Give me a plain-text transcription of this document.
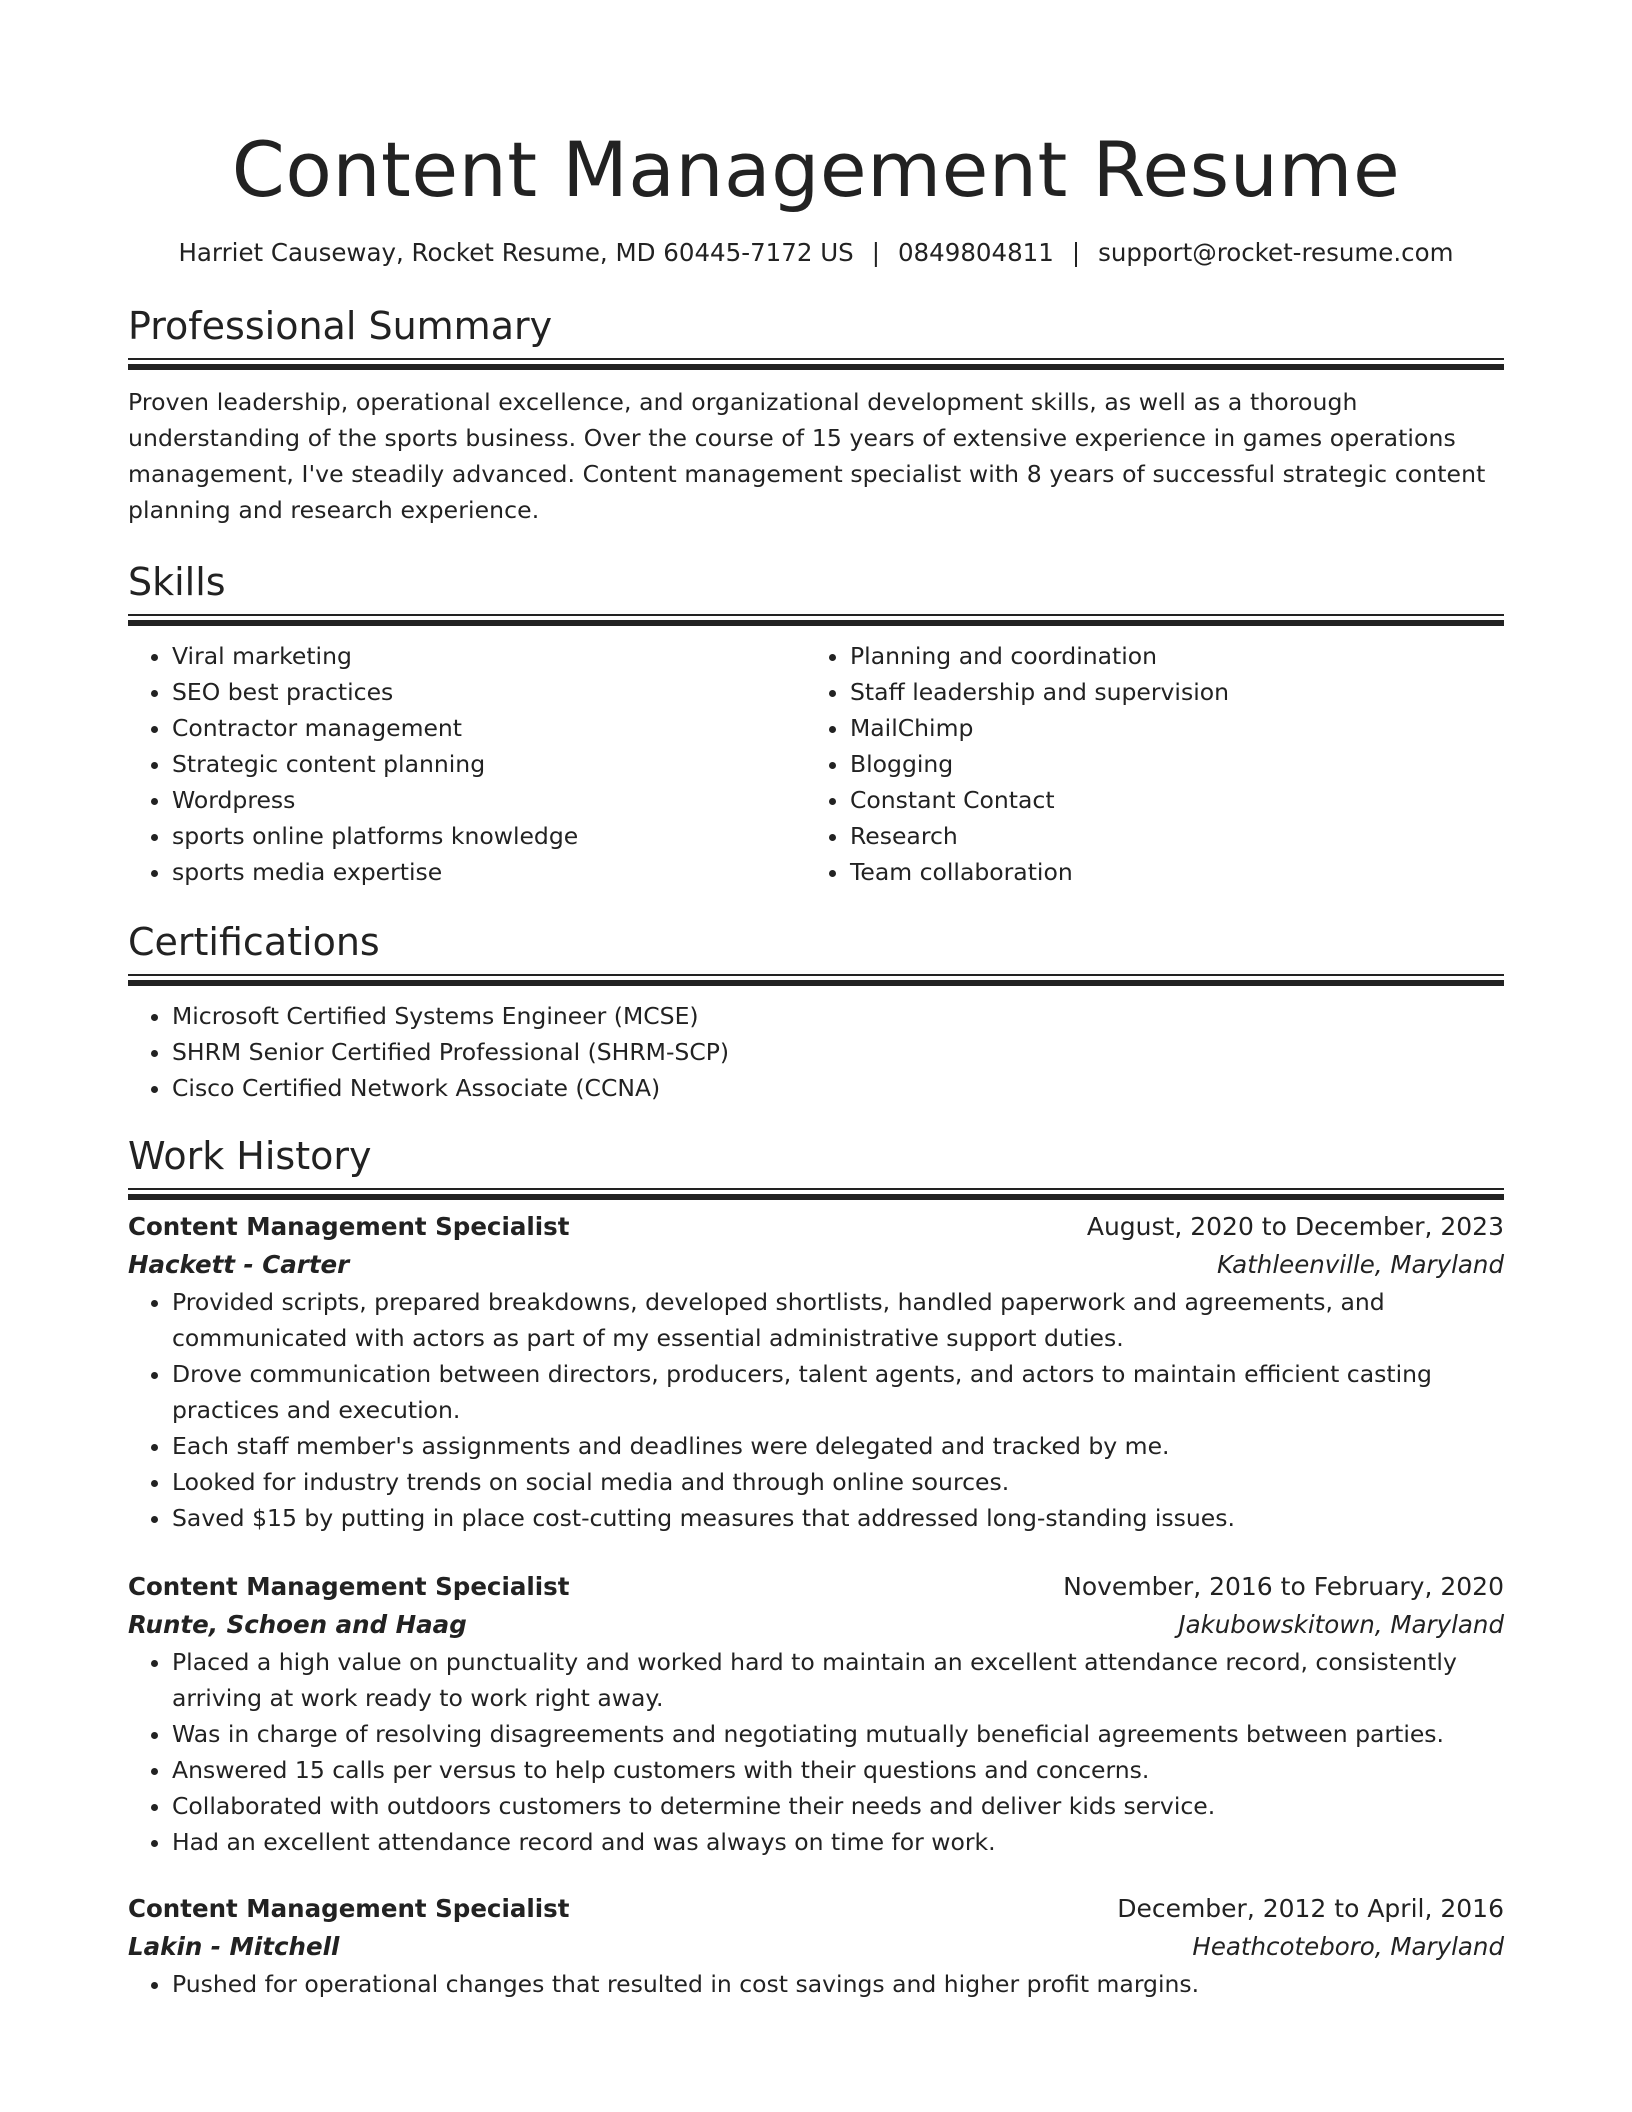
Content Management Resume
Harriet Causeway, Rocket Resume, MD 60445-7172 US | 0849804811 | support@rocket-resume.com
Professional Summary
Proven leadership, operational excellence, and organizational development skills, as well as a thorough understanding of the sports business. Over the course of 15 years of extensive experience in games operations management, I've steadily advanced. Content management specialist with 8 years of successful strategic content planning and research experience.
Skills
• Viral marketing
• SEO best practices
• Contractor management
• Strategic content planning
• Wordpress
• sports online platforms knowledge
• sports media expertise
• Planning and coordination
• Staff leadership and supervision
• MailChimp
• Blogging
• Constant Contact
• Research
• Team collaboration
Certifications
• Microsoft Certified Systems Engineer (MCSE)
• SHRM Senior Certified Professional (SHRM-SCP)
• Cisco Certified Network Associate (CCNA)
Work History
Content Management Specialist	August, 2020 to December, 2023
Hackett - Carter	Kathleenville, Maryland
• Provided scripts, prepared breakdowns, developed shortlists, handled paperwork and agreements, and communicated with actors as part of my essential administrative support duties.
• Drove communication between directors, producers, talent agents, and actors to maintain efficient casting practices and execution.
• Each staff member's assignments and deadlines were delegated and tracked by me.
• Looked for industry trends on social media and through online sources.
• Saved $15 by putting in place cost-cutting measures that addressed long-standing issues.
Content Management Specialist	November, 2016 to February, 2020
Runte, Schoen and Haag	Jakubowskitown, Maryland
• Placed a high value on punctuality and worked hard to maintain an excellent attendance record, consistently arriving at work ready to work right away.
• Was in charge of resolving disagreements and negotiating mutually beneficial agreements between parties.
• Answered 15 calls per versus to help customers with their questions and concerns.
• Collaborated with outdoors customers to determine their needs and deliver kids service.
• Had an excellent attendance record and was always on time for work.
Content Management Specialist	December, 2012 to April, 2016
Lakin - Mitchell	Heathcoteboro, Maryland
• Pushed for operational changes that resulted in cost savings and higher profit margins.
